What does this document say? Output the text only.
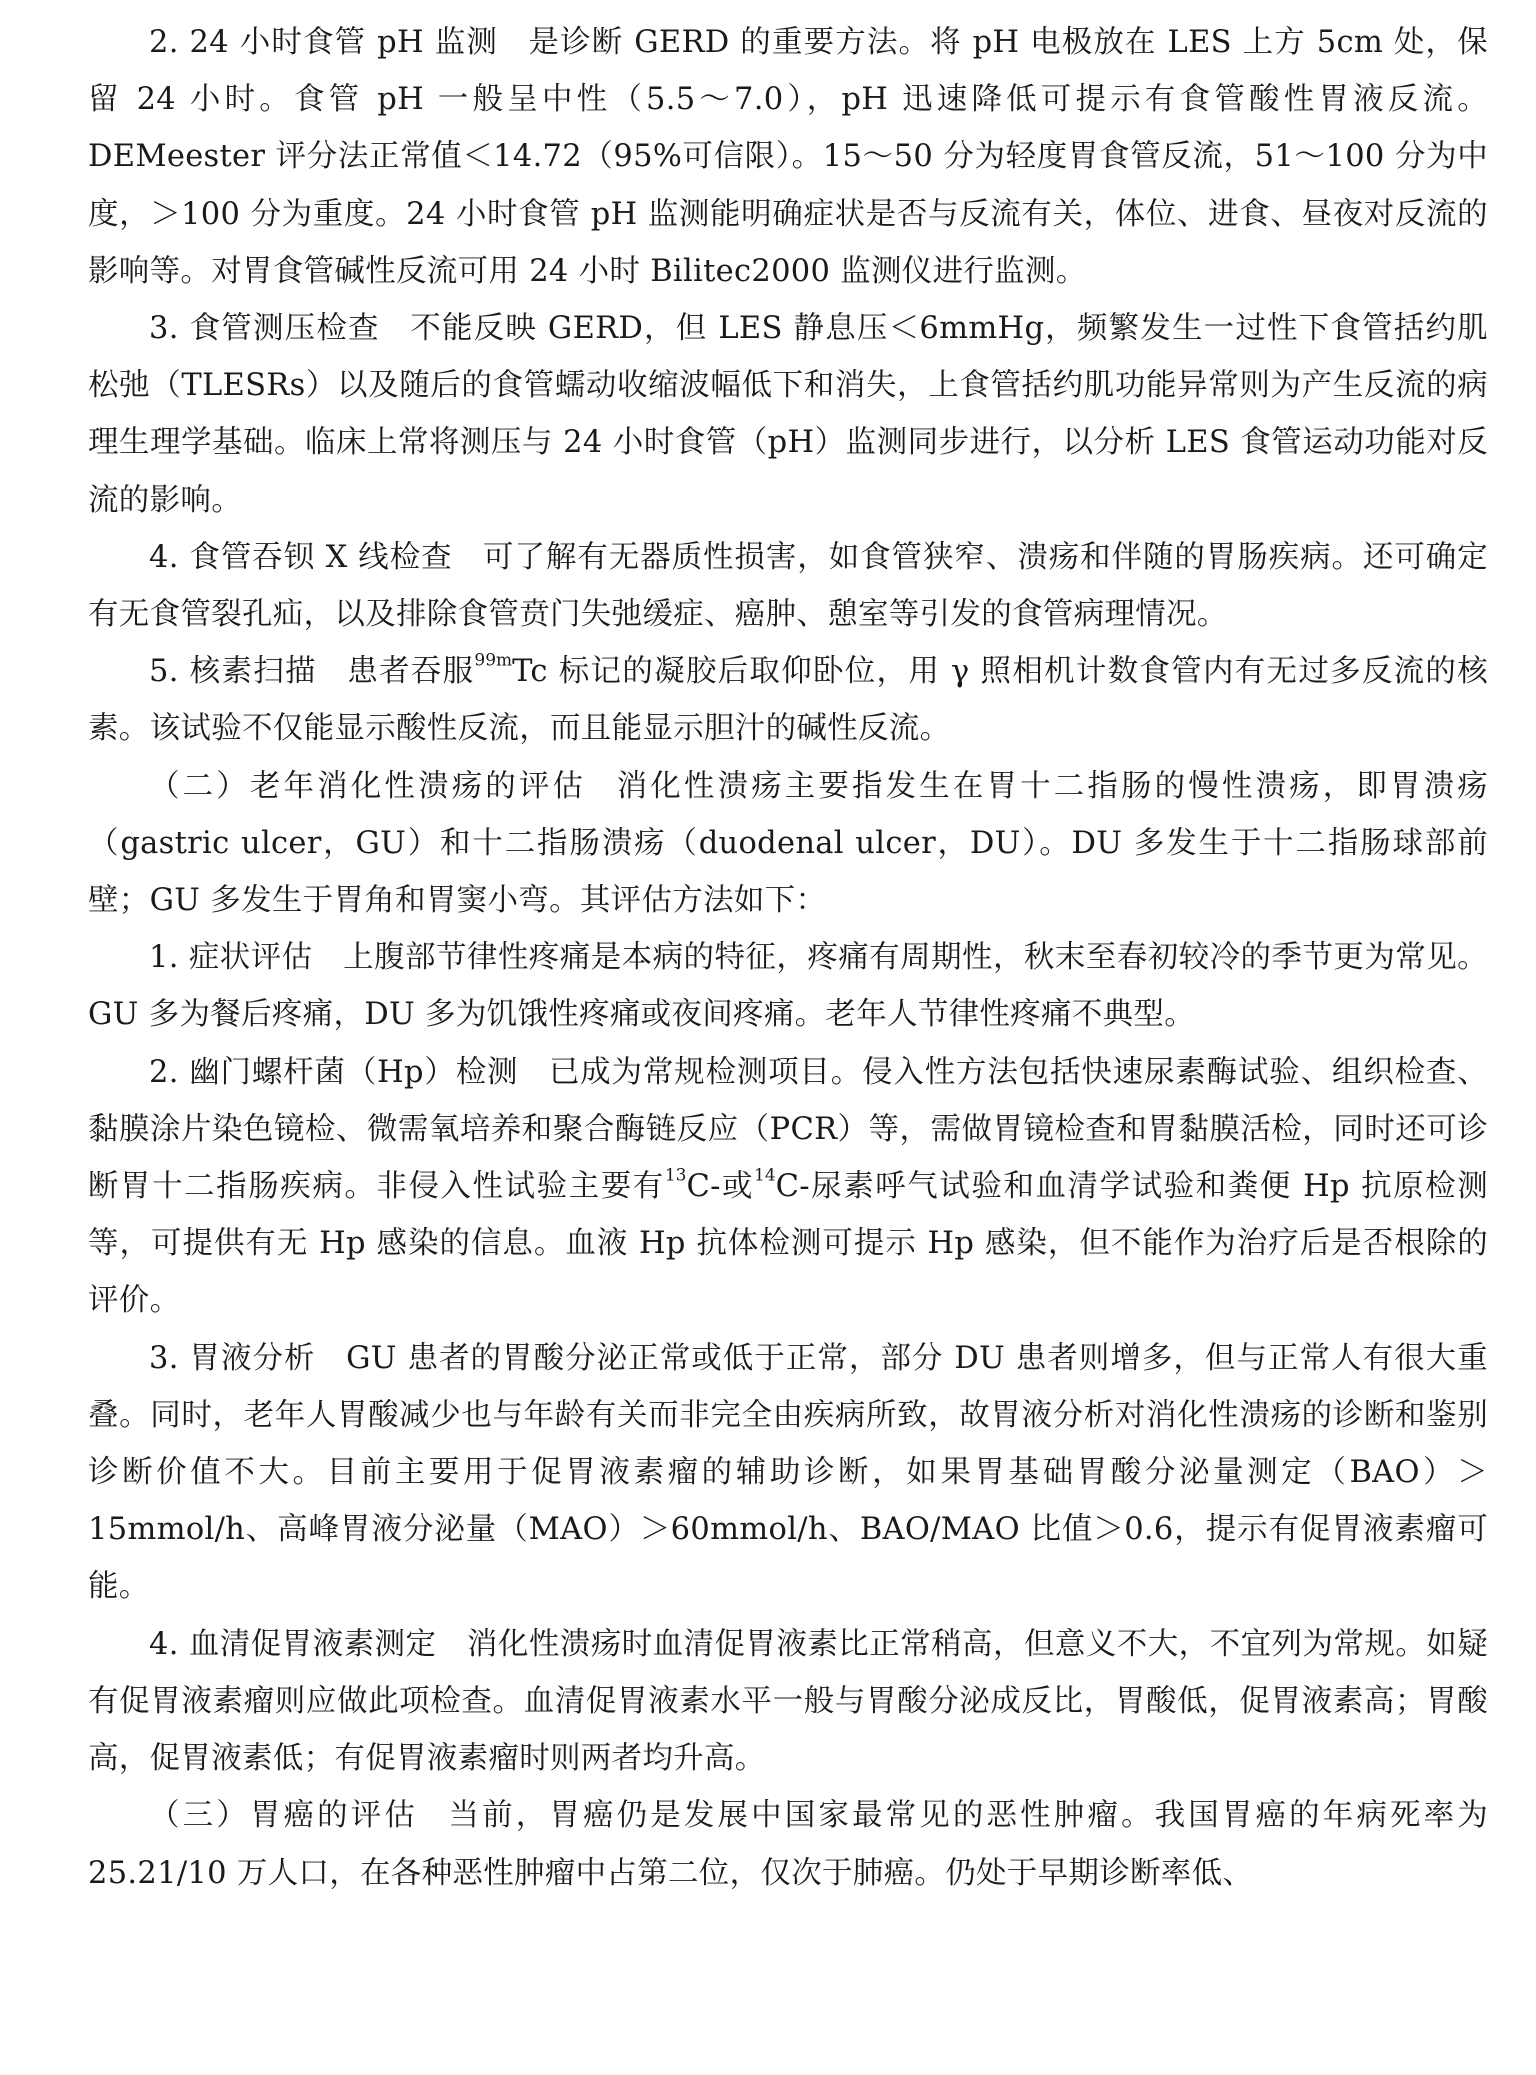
2. 24 小时食管 pH 监测 是诊断 GERD 的重要方法。将 pH 电极放在 LES 上方 5cm 处，保留 24 小时。食管 pH 一般呈中性（5.5～7.0），pH 迅速降低可提示有食管酸性胃液反流。DEMeester 评分法正常值＜14.72（95%可信限）。15～50 分为轻度胃食管反流，51～100 分为中度，＞100 分为重度。24 小时食管 pH 监测能明确症状是否与反流有关，体位、进食、昼夜对反流的影响等。对胃食管碱性反流可用 24 小时 Bilitec2000 监测仪进行监测。

3. 食管测压检查 不能反映 GERD，但 LES 静息压＜6mmHg，频繁发生一过性下食管括约肌松弛（TLESRs）以及随后的食管蠕动收缩波幅低下和消失，上食管括约肌功能异常则为产生反流的病理生理学基础。临床上常将测压与 24 小时食管（pH）监测同步进行，以分析 LES 食管运动功能对反流的影响。

4. 食管吞钡 X 线检查 可了解有无器质性损害，如食管狭窄、溃疡和伴随的胃肠疾病。还可确定有无食管裂孔疝，以及排除食管贲门失弛缓症、癌肿、憩室等引发的食管病理情况。

5. 核素扫描 患者吞服$^{99m}$Tc 标记的凝胶后取仰卧位，用 γ 照相机计数食管内有无过多反流的核素。该试验不仅能显示酸性反流，而且能显示胆汁的碱性反流。

（二）老年消化性溃疡的评估 消化性溃疡主要指发生在胃十二指肠的慢性溃疡，即胃溃疡（gastric ulcer，GU）和十二指肠溃疡（duodenal ulcer，DU）。DU 多发生于十二指肠球部前壁；GU 多发生于胃角和胃窦小弯。其评估方法如下：

1. 症状评估 上腹部节律性疼痛是本病的特征，疼痛有周期性，秋末至春初较冷的季节更为常见。GU 多为餐后疼痛，DU 多为饥饿性疼痛或夜间疼痛。老年人节律性疼痛不典型。

2. 幽门螺杆菌（Hp）检测 已成为常规检测项目。侵入性方法包括快速尿素酶试验、组织检查、黏膜涂片染色镜检、微需氧培养和聚合酶链反应（PCR）等，需做胃镜检查和胃黏膜活检，同时还可诊断胃十二指肠疾病。非侵入性试验主要有$^{13}$C-或$^{14}$C-尿素呼气试验和血清学试验和粪便 Hp 抗原检测等，可提供有无 Hp 感染的信息。血液 Hp 抗体检测可提示 Hp 感染，但不能作为治疗后是否根除的评价。

3. 胃液分析 GU 患者的胃酸分泌正常或低于正常，部分 DU 患者则增多，但与正常人有很大重叠。同时，老年人胃酸减少也与年龄有关而非完全由疾病所致，故胃液分析对消化性溃疡的诊断和鉴别诊断价值不大。目前主要用于促胃液素瘤的辅助诊断，如果胃基础胃酸分泌量测定（BAO）＞15mmol/h、高峰胃液分泌量（MAO）＞60mmol/h、BAO/MAO 比值＞0.6，提示有促胃液素瘤可能。

4. 血清促胃液素测定 消化性溃疡时血清促胃液素比正常稍高，但意义不大，不宜列为常规。如疑有促胃液素瘤则应做此项检查。血清促胃液素水平一般与胃酸分泌成反比，胃酸低，促胃液素高；胃酸高，促胃液素低；有促胃液素瘤时则两者均升高。

（三）胃癌的评估 当前，胃癌仍是发展中国家最常见的恶性肿瘤。我国胃癌的年病死率为 25.21/10 万人口，在各种恶性肿瘤中占第二位，仅次于肺癌。仍处于早期诊断率低、
